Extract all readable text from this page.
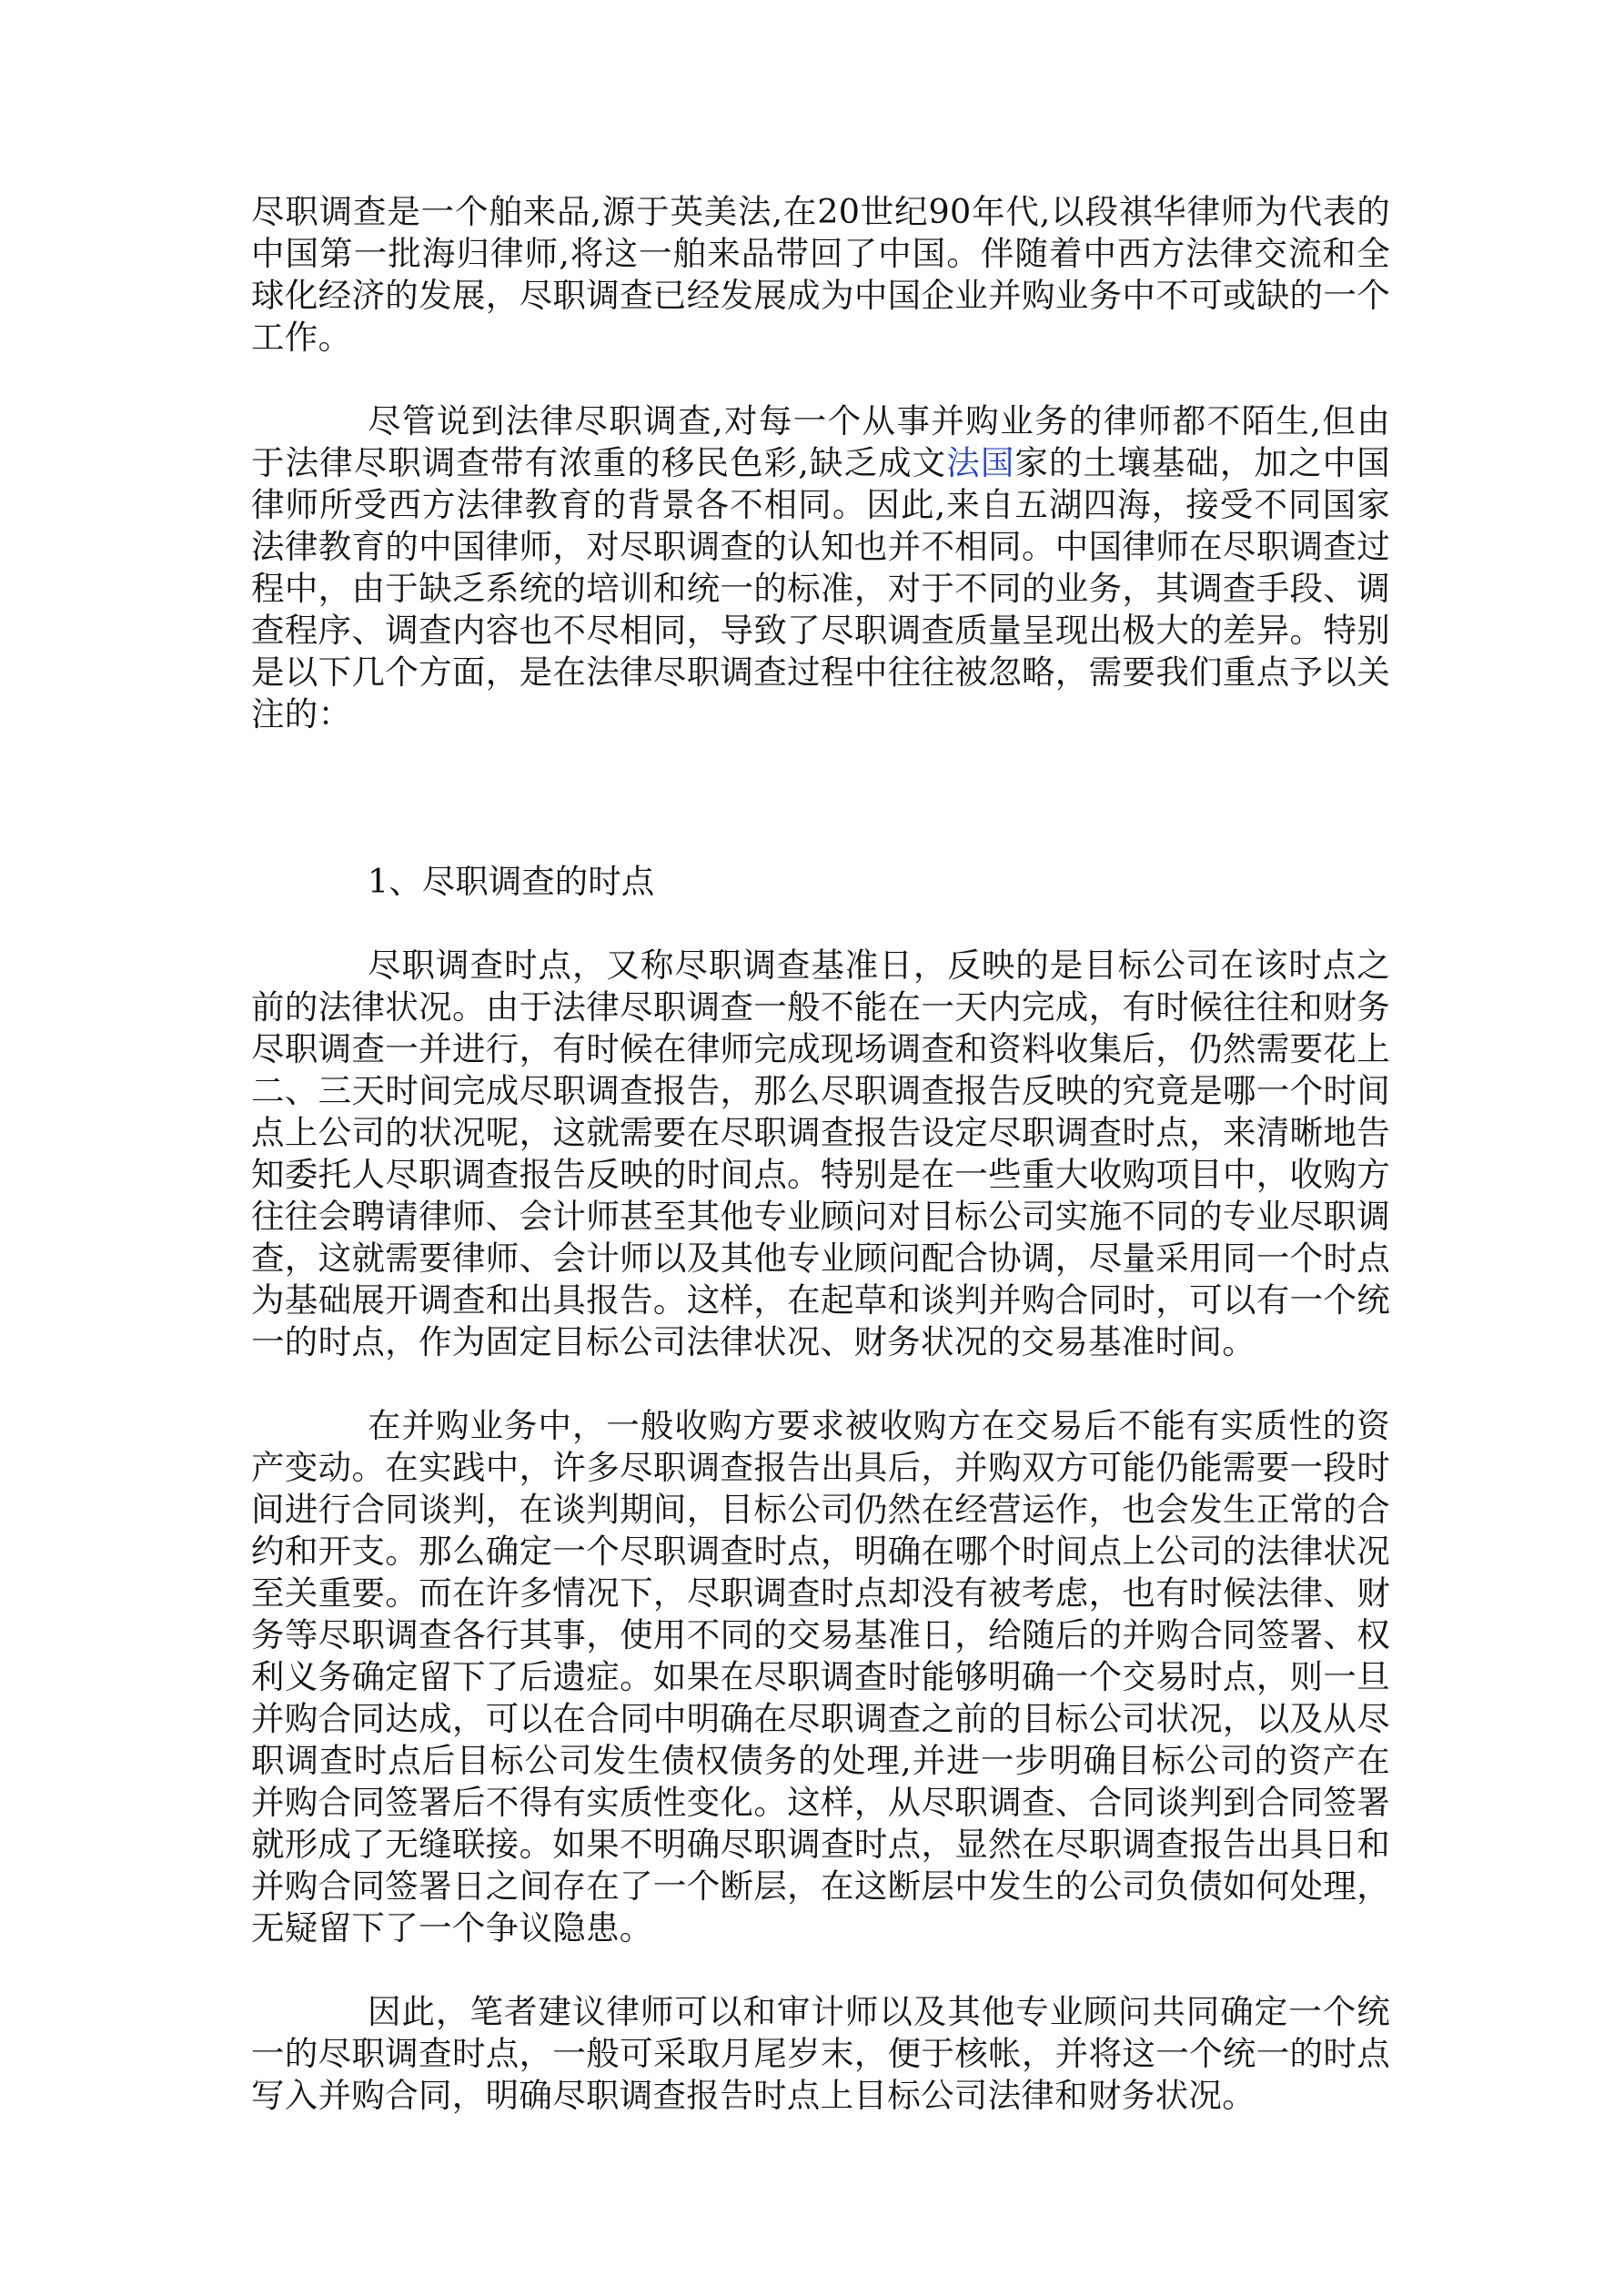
尽职调查是一个舶来品,源于英美法,在20世纪90年代,以段祺华律师为代表的中国第一批海归律师,将这一舶来品带回了中国。伴随着中西方法律交流和全球化经济的发展，尽职调查已经发展成为中国企业并购业务中不可或缺的一个工作。

尽管说到法律尽职调查,对每一个从事并购业务的律师都不陌生,但由于法律尽职调查带有浓重的移民色彩,缺乏成文法国家的土壤基础，加之中国律师所受西方法律教育的背景各不相同。因此,来自五湖四海，接受不同国家法律教育的中国律师，对尽职调查的认知也并不相同。中国律师在尽职调查过程中，由于缺乏系统的培训和统一的标准，对于不同的业务，其调查手段、调查程序、调查内容也不尽相同，导致了尽职调查质量呈现出极大的差异。特别是以下几个方面，是在法律尽职调查过程中往往被忽略，需要我们重点予以关注的：

1、尽职调查的时点

尽职调查时点，又称尽职调查基准日，反映的是目标公司在该时点之前的法律状况。由于法律尽职调查一般不能在一天内完成，有时候往往和财务尽职调查一并进行，有时候在律师完成现场调查和资料收集后，仍然需要花上二、三天时间完成尽职调查报告，那么尽职调查报告反映的究竟是哪一个时间点上公司的状况呢，这就需要在尽职调查报告设定尽职调查时点，来清晰地告知委托人尽职调查报告反映的时间点。特别是在一些重大收购项目中，收购方往往会聘请律师、会计师甚至其他专业顾问对目标公司实施不同的专业尽职调查，这就需要律师、会计师以及其他专业顾问配合协调，尽量采用同一个时点为基础展开调查和出具报告。这样，在起草和谈判并购合同时，可以有一个统一的时点，作为固定目标公司法律状况、财务状况的交易基准时间。

在并购业务中，一般收购方要求被收购方在交易后不能有实质性的资产变动。在实践中，许多尽职调查报告出具后，并购双方可能仍能需要一段时间进行合同谈判，在谈判期间，目标公司仍然在经营运作，也会发生正常的合约和开支。那么确定一个尽职调查时点，明确在哪个时间点上公司的法律状况至关重要。而在许多情况下，尽职调查时点却没有被考虑，也有时候法律、财务等尽职调查各行其事，使用不同的交易基准日，给随后的并购合同签署、权利义务确定留下了后遗症。如果在尽职调查时能够明确一个交易时点，则一旦并购合同达成，可以在合同中明确在尽职调查之前的目标公司状况，以及从尽职调查时点后目标公司发生债权债务的处理,并进一步明确目标公司的资产在并购合同签署后不得有实质性变化。这样，从尽职调查、合同谈判到合同签署就形成了无缝联接。如果不明确尽职调查时点，显然在尽职调查报告出具日和并购合同签署日之间存在了一个断层，在这断层中发生的公司负债如何处理，无疑留下了一个争议隐患。

因此，笔者建议律师可以和审计师以及其他专业顾问共同确定一个统一的尽职调查时点，一般可采取月尾岁末，便于核帐，并将这一个统一的时点写入并购合同，明确尽职调查报告时点上目标公司法律和财务状况。
